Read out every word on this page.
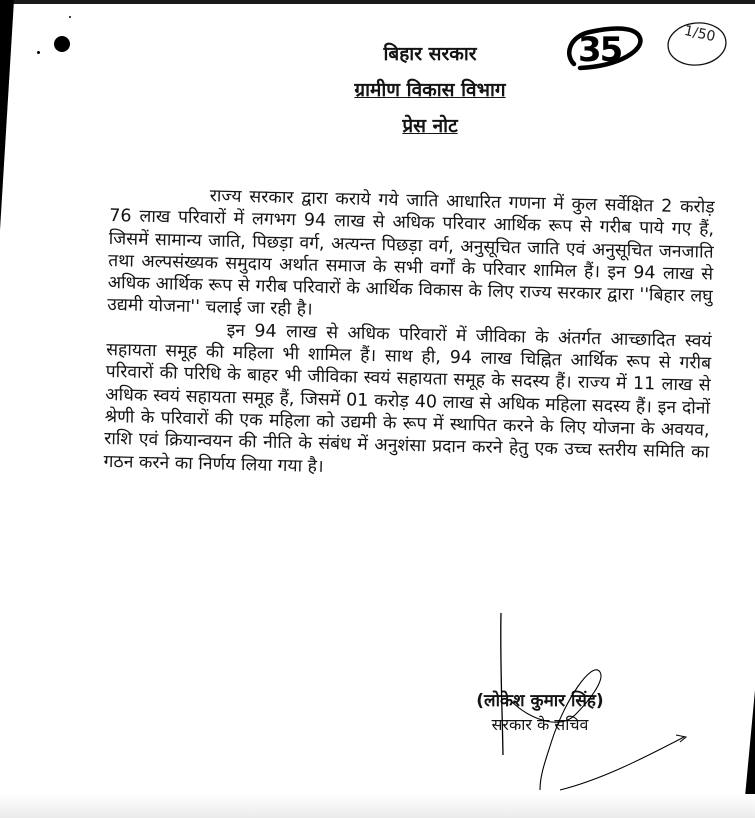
बिहार सरकार
ग्रामीण विकास विभाग
प्रेस नोट
35	1/50

राज्य सरकार द्वारा कराये गये जाति आधारित गणना में कुल सर्वेक्षित 2 करोड़ 76 लाख परिवारों में लगभग 94 लाख से अधिक परिवार आर्थिक रूप से गरीब पाये गए हैं, जिसमें सामान्य जाति, पिछड़ा वर्ग, अत्यन्त पिछड़ा वर्ग, अनुसूचित जाति एवं अनुसूचित जनजाति तथा अल्पसंख्यक समुदाय अर्थात समाज के सभी वर्गों के परिवार शामिल हैं। इन 94 लाख से अधिक आर्थिक रूप से गरीब परिवारों के आर्थिक विकास के लिए राज्य सरकार द्वारा ''बिहार लघु उद्यमी योजना'' चलाई जा रही है।

इन 94 लाख से अधिक परिवारों में जीविका के अंतर्गत आच्छादित स्वयं सहायता समूह की महिला भी शामिल हैं। साथ ही, 94 लाख चिह्नित आर्थिक रूप से गरीब परिवारों की परिधि के बाहर भी जीविका स्वयं सहायता समूह के सदस्य हैं। राज्य में 11 लाख से अधिक स्वयं सहायता समूह हैं, जिसमें 01 करोड़ 40 लाख से अधिक महिला सदस्य हैं। इन दोनों श्रेणी के परिवारों की एक महिला को उद्यमी के रूप में स्थापित करने के लिए योजना के अवयव, राशि एवं क्रियान्वयन की नीति के संबंध में अनुशंसा प्रदान करने हेतु एक उच्च स्तरीय समिति का गठन करने का निर्णय लिया गया है।

(लोकेश कुमार सिंह)
सरकार के सचिव
